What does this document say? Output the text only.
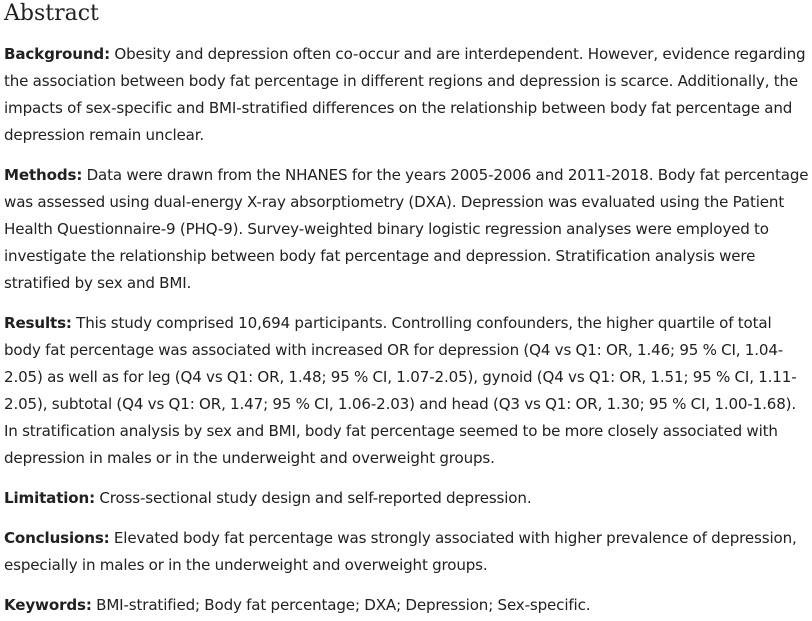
Abstract

Background: Obesity and depression often co-occur and are interdependent. However, evidence regarding the association between body fat percentage in different regions and depression is scarce. Additionally, the impacts of sex-specific and BMI-stratified differences on the relationship between body fat percentage and depression remain unclear.

Methods: Data were drawn from the NHANES for the years 2005-2006 and 2011-2018. Body fat percentage was assessed using dual-energy X-ray absorptiometry (DXA). Depression was evaluated using the Patient Health Questionnaire-9 (PHQ-9). Survey-weighted binary logistic regression analyses were employed to investigate the relationship between body fat percentage and depression. Stratification analysis were stratified by sex and BMI.

Results: This study comprised 10,694 participants. Controlling confounders, the higher quartile of total body fat percentage was associated with increased OR for depression (Q4 vs Q1: OR, 1.46; 95 % CI, 1.04-2.05) as well as for leg (Q4 vs Q1: OR, 1.48; 95 % CI, 1.07-2.05), gynoid (Q4 vs Q1: OR, 1.51; 95 % CI, 1.11-2.05), subtotal (Q4 vs Q1: OR, 1.47; 95 % CI, 1.06-2.03) and head (Q3 vs Q1: OR, 1.30; 95 % CI, 1.00-1.68). In stratification analysis by sex and BMI, body fat percentage seemed to be more closely associated with depression in males or in the underweight and overweight groups.

Limitation: Cross-sectional study design and self-reported depression.

Conclusions: Elevated body fat percentage was strongly associated with higher prevalence of depression, especially in males or in the underweight and overweight groups.

Keywords: BMI-stratified; Body fat percentage; DXA; Depression; Sex-specific.
